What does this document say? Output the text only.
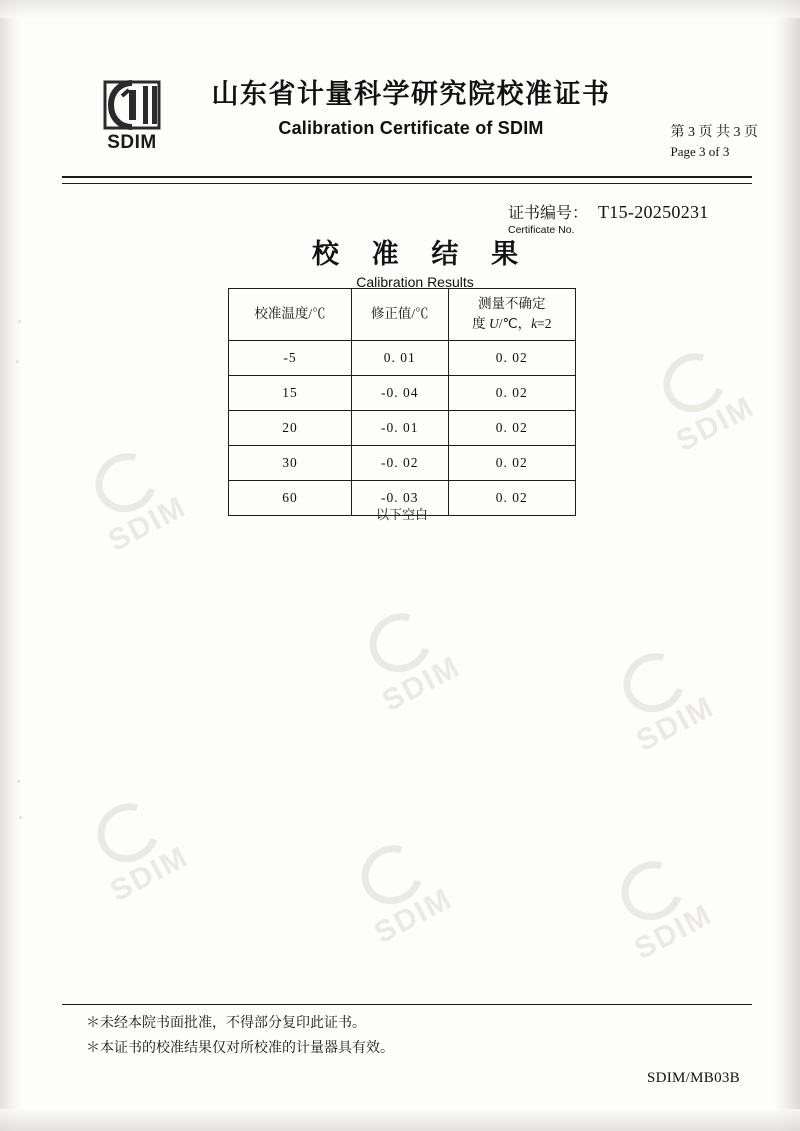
SDIM
SDIM
SDIM
SDIM
SDIM	SDIM
SDIM
SDIM
山东省计量科学研究院校准证书
Calibration Certificate of SDIM	第 3 页 共 3 页
Page 3 of 3
证书编号： T15-20250231
Certificate No.
校 准 结 果
Calibration Results
校准温度/℃	修正值/℃	测量不确定
度 U/℃，k=2
-5	0. 01	0. 02
15	-0. 04	0. 02
20	-0. 01	0. 02
30	-0. 02	0. 02
60	-0. 03	0. 02
以下空白
＊未经本院书面批准，不得部分复印此证书。
＊本证书的校准结果仅对所校准的计量器具有效。
SDIM/MB03B
